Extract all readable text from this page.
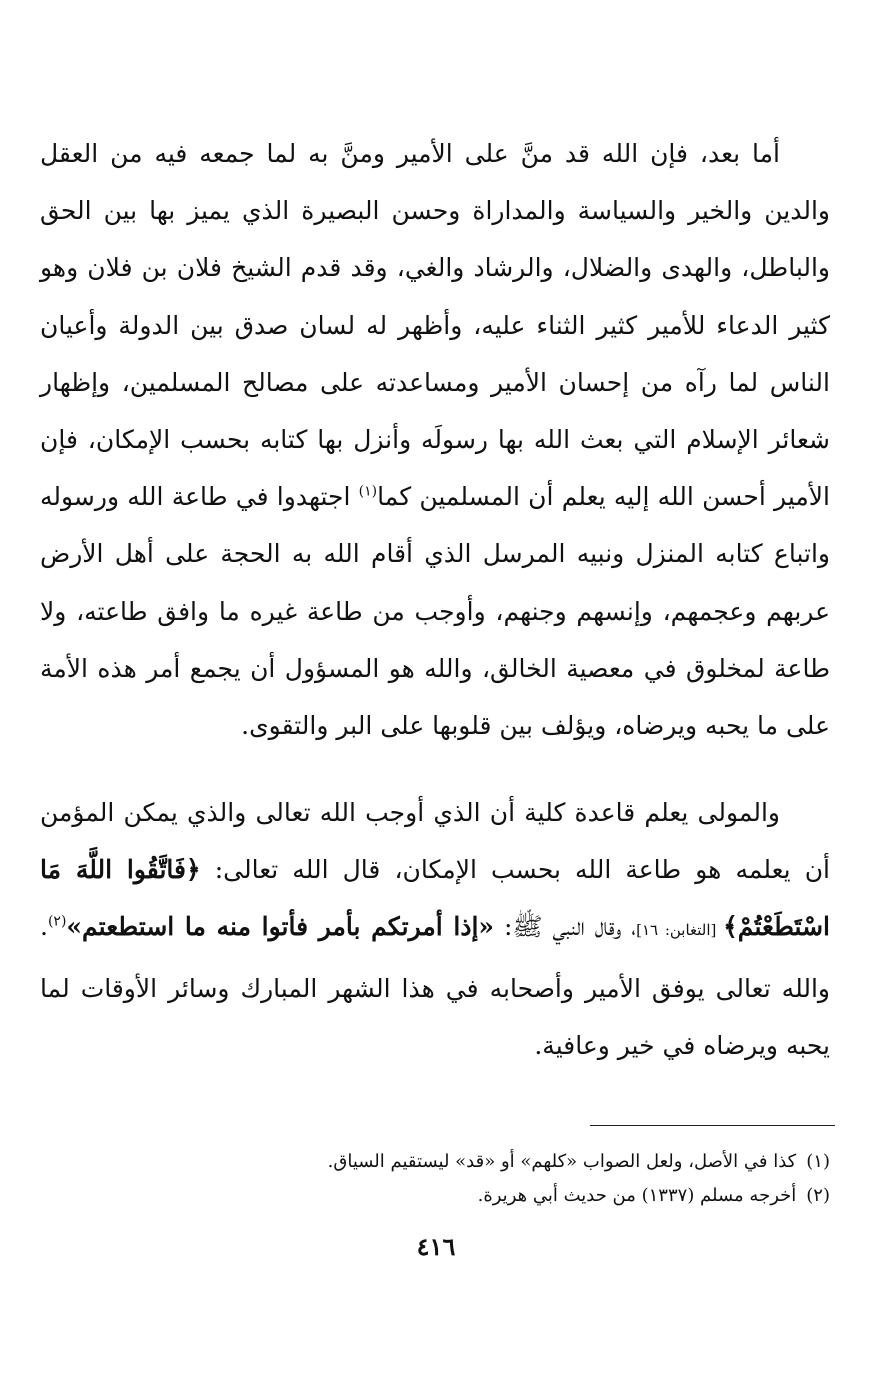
أما بعد، فإن الله قد منَّ على الأمير ومنَّ به لما جمعه فيه من العقل والدين والخير والسياسة والمداراة وحسن البصيرة الذي يميز بها بين الحق والباطل، والهدى والضلال، والرشاد والغي، وقد قدم الشيخ فلان بن فلان وهو كثير الدعاء للأمير كثير الثناء عليه، وأظهر له لسان صدق بين الدولة وأعيان الناس لما رآه من إحسان الأمير ومساعدته على مصالح المسلمين، وإظهار شعائر الإسلام التي بعث الله بها رسولَه وأنزل بها كتابه بحسب الإمكان، فإن الأمير أحسن الله إليه يعلم أن المسلمين كما$^{(١)}$ اجتهدوا في طاعة الله ورسوله واتباع كتابه المنزل ونبيه المرسل الذي أقام الله به الحجة على أهل الأرض عربهم وعجمهم، وإنسهم وجنهم، وأوجب من طاعة غيره ما وافق طاعته، ولا طاعة لمخلوق في معصية الخالق، والله هو المسؤول أن يجمع أمر هذه الأمة على ما يحبه ويرضاه، ويؤلف بين قلوبها على البر والتقوى.

والمولى يعلم قاعدة كلية أن الذي أوجب الله تعالى والذي يمكن المؤمن أن يعلمه هو طاعة الله بحسب الإمكان، قال الله تعالى: ﴿فَاتَّقُوا اللَّهَ مَا اسْتَطَعْتُمْ﴾ [التغابن: ١٦]، وقال النبي ﷺ: «إذا أمرتكم بأمر فأتوا منه ما استطعتم»$^{(٢)}$. والله تعالى يوفق الأمير وأصحابه في هذا الشهر المبارك وسائر الأوقات لما يحبه ويرضاه في خير وعافية.

(١)كذا في الأصل، ولعل الصواب «كلهم» أو «قد» ليستقيم السياق.

(٢)أخرجه مسلم (١٣٣٧) من حديث أبي هريرة.

٤١٦
